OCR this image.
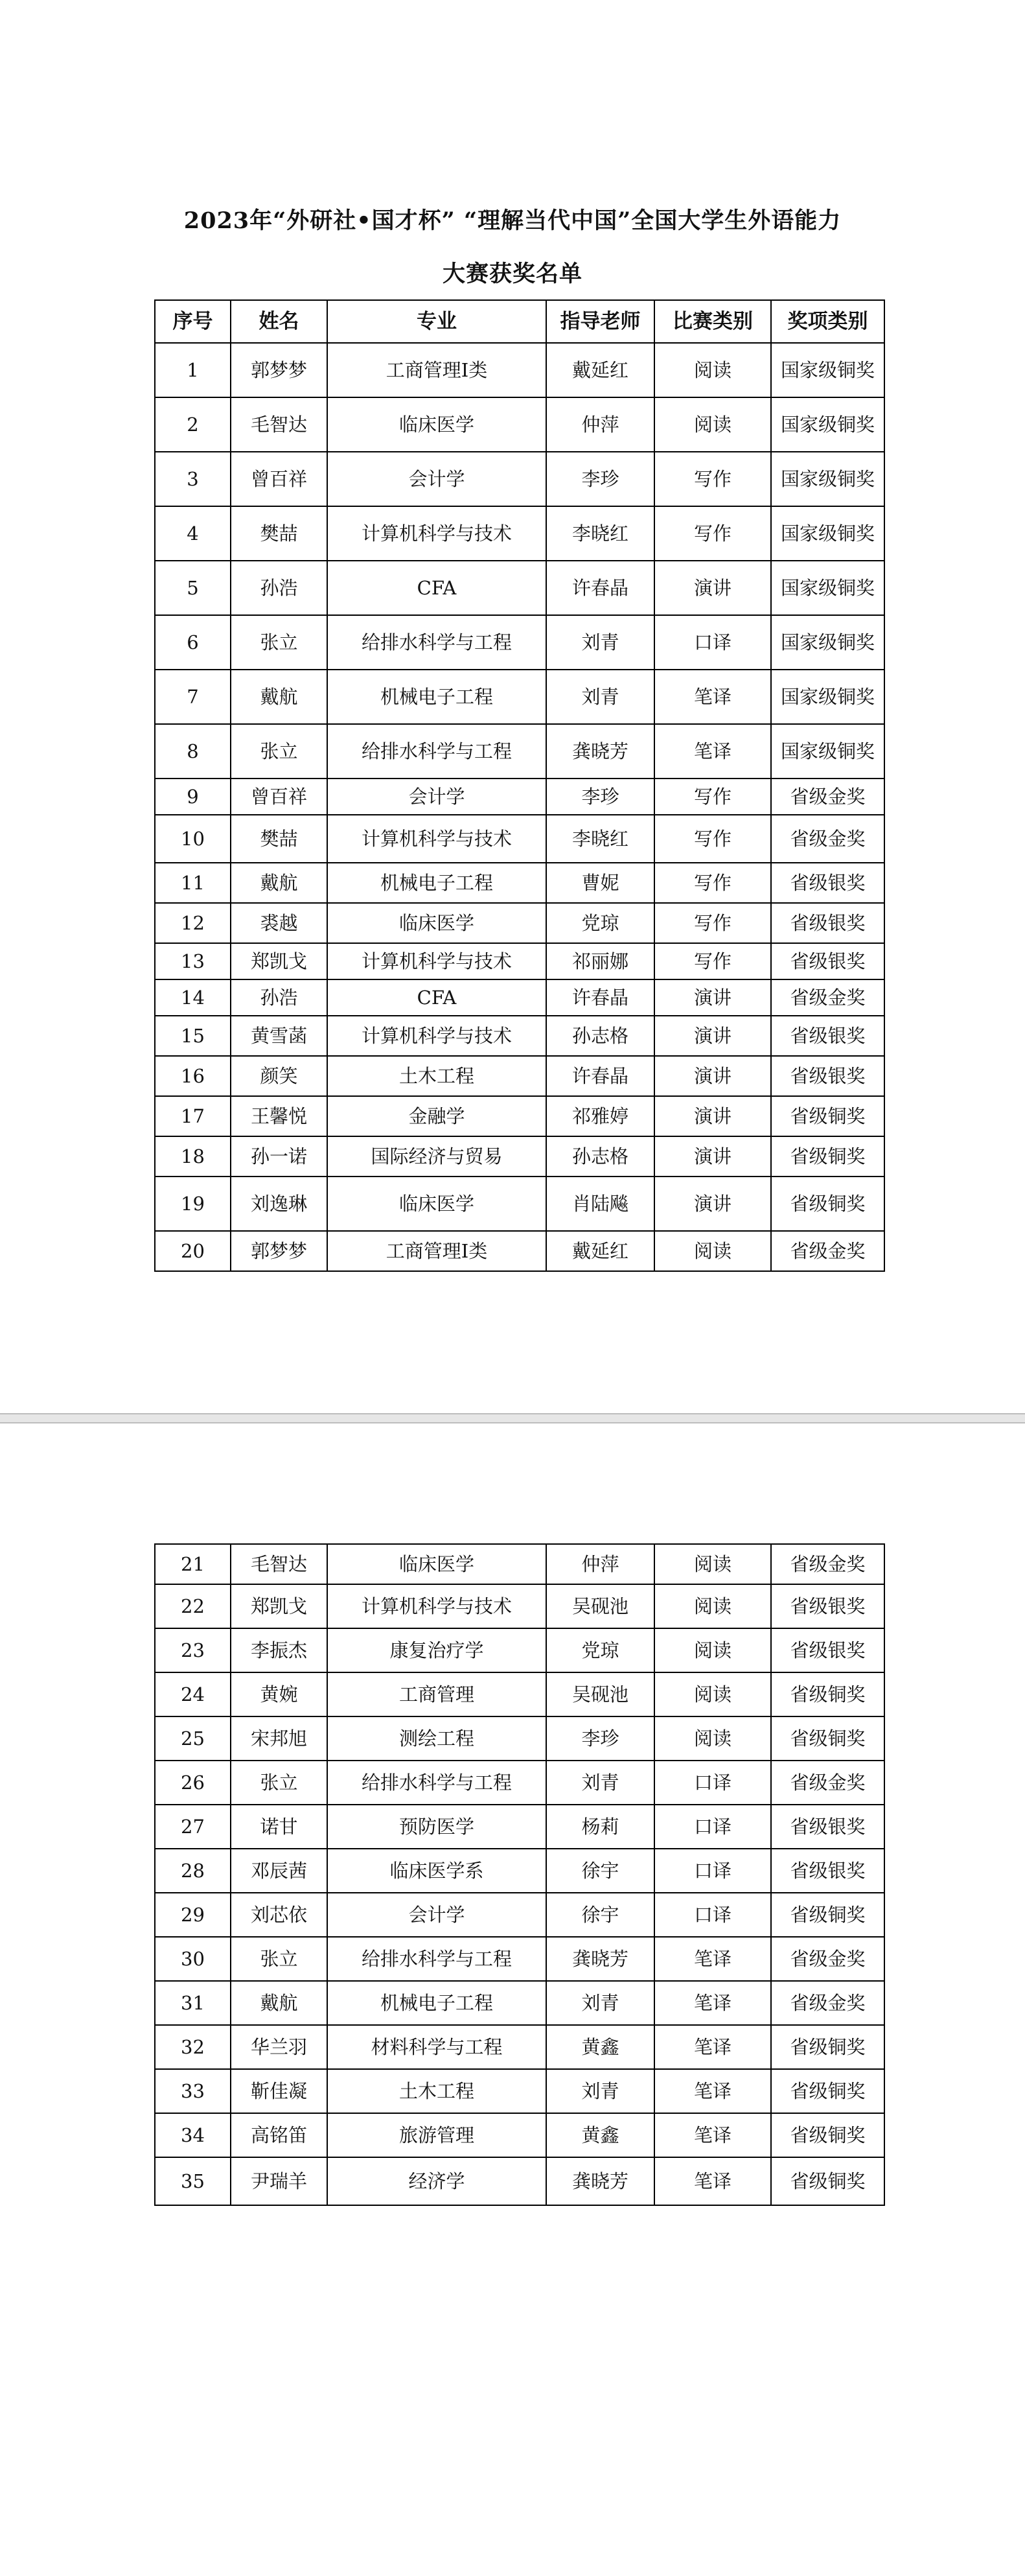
2023年“外研社•国才杯” “理解当代中国”全国大学生外语能力
大赛获奖名单
序号	姓名	专业	指导老师	比赛类别	奖项类别
1	郭梦梦	工商管理Ⅰ类	戴延红	阅读	国家级铜奖
2	毛智达	临床医学	仲萍	阅读	国家级铜奖
3	曾百祥	会计学	李珍	写作	国家级铜奖
4	樊喆	计算机科学与技术	李晓红	写作	国家级铜奖
5	孙浩	CFA	许春晶	演讲	国家级铜奖
6	张立	给排水科学与工程	刘青	口译	国家级铜奖
7	戴航	机械电子工程	刘青	笔译	国家级铜奖
8	张立	给排水科学与工程	龚晓芳	笔译	国家级铜奖
9	曾百祥	会计学	李珍	写作	省级金奖
10	樊喆	计算机科学与技术	李晓红	写作	省级金奖
11	戴航	机械电子工程	曹妮	写作	省级银奖
12	裘越	临床医学	党琼	写作	省级银奖
13	郑凯戈	计算机科学与技术	祁丽娜	写作	省级银奖
14	孙浩	CFA	许春晶	演讲	省级金奖
15	黄雪菡	计算机科学与技术	孙志格	演讲	省级银奖
16	颜笑	土木工程	许春晶	演讲	省级银奖
17	王馨悦	金融学	祁雅婷	演讲	省级铜奖
18	孙一诺	国际经济与贸易	孙志格	演讲	省级铜奖
19	刘逸琳	临床医学	肖陆飚	演讲	省级铜奖
20	郭梦梦	工商管理Ⅰ类	戴延红	阅读	省级金奖
21	毛智达	临床医学	仲萍	阅读	省级金奖
22	郑凯戈	计算机科学与技术	吴砚池	阅读	省级银奖
23	李振杰	康复治疗学	党琼	阅读	省级银奖
24	黄婉	工商管理	吴砚池	阅读	省级铜奖
25	宋邦旭	测绘工程	李珍	阅读	省级铜奖
26	张立	给排水科学与工程	刘青	口译	省级金奖
27	诺甘	预防医学	杨莉	口译	省级银奖
28	邓辰茜	临床医学系	徐宇	口译	省级银奖
29	刘芯依	会计学	徐宇	口译	省级铜奖
30	张立	给排水科学与工程	龚晓芳	笔译	省级金奖
31	戴航	机械电子工程	刘青	笔译	省级金奖
32	华兰羽	材料科学与工程	黄鑫	笔译	省级铜奖
33	靳佳凝	土木工程	刘青	笔译	省级铜奖
34	高铭笛	旅游管理	黄鑫	笔译	省级铜奖
35	尹瑞羊	经济学	龚晓芳	笔译	省级铜奖
